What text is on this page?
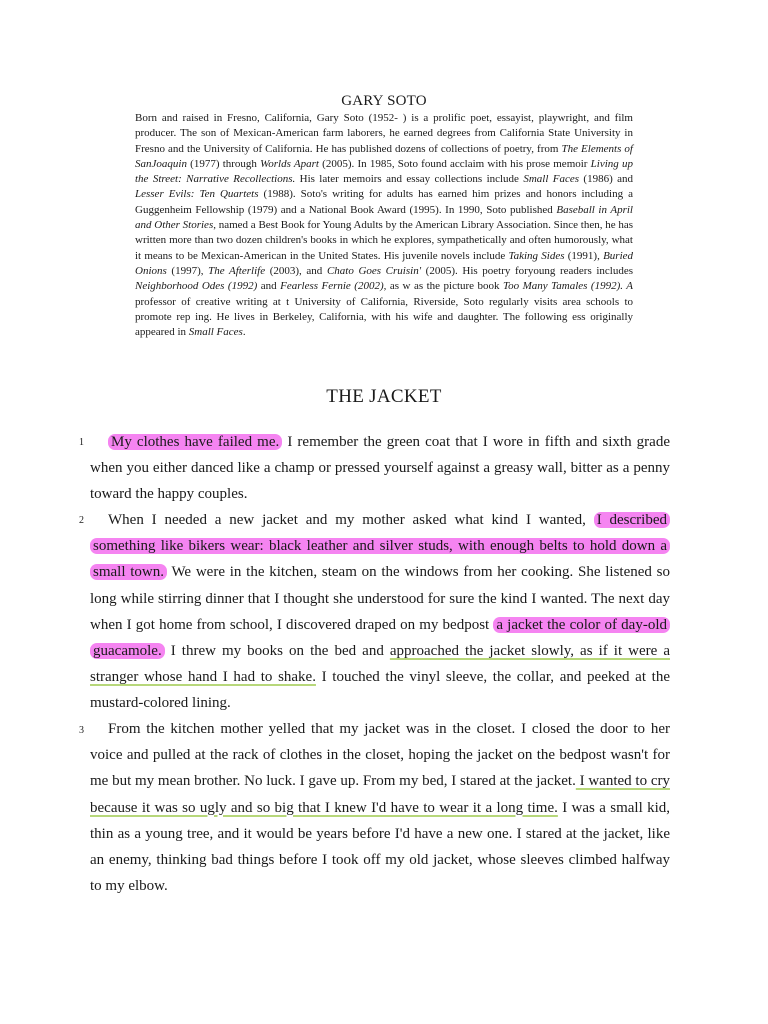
GARY SOTO

Born and raised in Fresno, California, Gary Soto (1952- ) is a prolific poet, essayist, playwright, and film producer. The son of Mexican-American farm laborers, he earned degrees from California State University in Fresno and the University of California. He has published dozens of collections of poetry, from The Elements of SanJoaquin (1977) through Worlds Apart (2005). In 1985, Soto found acclaim with his prose memoir Living up the Street: Narrative Recollections. His later memoirs and essay collections include Small Faces (1986) and Lesser Evils: Ten Quartets (1988). Soto's writing for adults has earned him prizes and honors including a Guggenheim Fellowship (1979) and a National Book Award (1995). In 1990, Soto published Baseball in April and Other Stories, named a Best Book for Young Adults by the American Library Association. Since then, he has written more than two dozen children's books in which he explores, sympathetically and often humorously, what it means to be Mexican-American in the United States. His juvenile novels include Taking Sides (1991), Buried Onions (1997), The Afterlife (2003), and Chato Goes Cruisin' (2005). His poetry foryoung readers includes Neighborhood Odes (1992) and Fearless Fernie (2002), as w as the picture book Too Many Tamales (1992). A professor of creative writing at t University of California, Riverside, Soto regularly visits area schools to promote rep ing. He lives in Berkeley, California, with his wife and daughter. The following ess originally appeared in Small Faces.

THE JACKET
1	My clothes have failed me. I remember the green coat that I wore in fifth and sixth grade when you either danced like a champ or pressed yourself against a greasy wall, bitter as a penny toward the happy couples.

2	When I needed a new jacket and my mother asked what kind I wanted, I described something like bikers wear: black leather and silver studs, with enough belts to hold down a small town. We were in the kitchen, steam on the windows from her cooking. She listened so long while stirring dinner that I thought she understood for sure the kind I wanted. The next day when I got home from school, I discovered draped on my bedpost a jacket the color of day-old guacamole. I threw my books on the bed and approached the jacket slowly, as if it were a stranger whose hand I had to shake. I touched the vinyl sleeve, the collar, and peeked at the mustard-colored lining.

3	From the kitchen mother yelled that my jacket was in the closet. I closed the door to her voice and pulled at the rack of clothes in the closet, hoping the jacket on the bedpost wasn't for me but my mean brother. No luck. I gave up. From my bed, I stared at the jacket. I wanted to cry because it was so ugly and so big that I knew I'd have to wear it a long time. I was a small kid, thin as a young tree, and it would be years before I'd have a new one. I stared at the jacket, like an enemy, thinking bad things before I took off my old jacket, whose sleeves climbed halfway to my elbow.
